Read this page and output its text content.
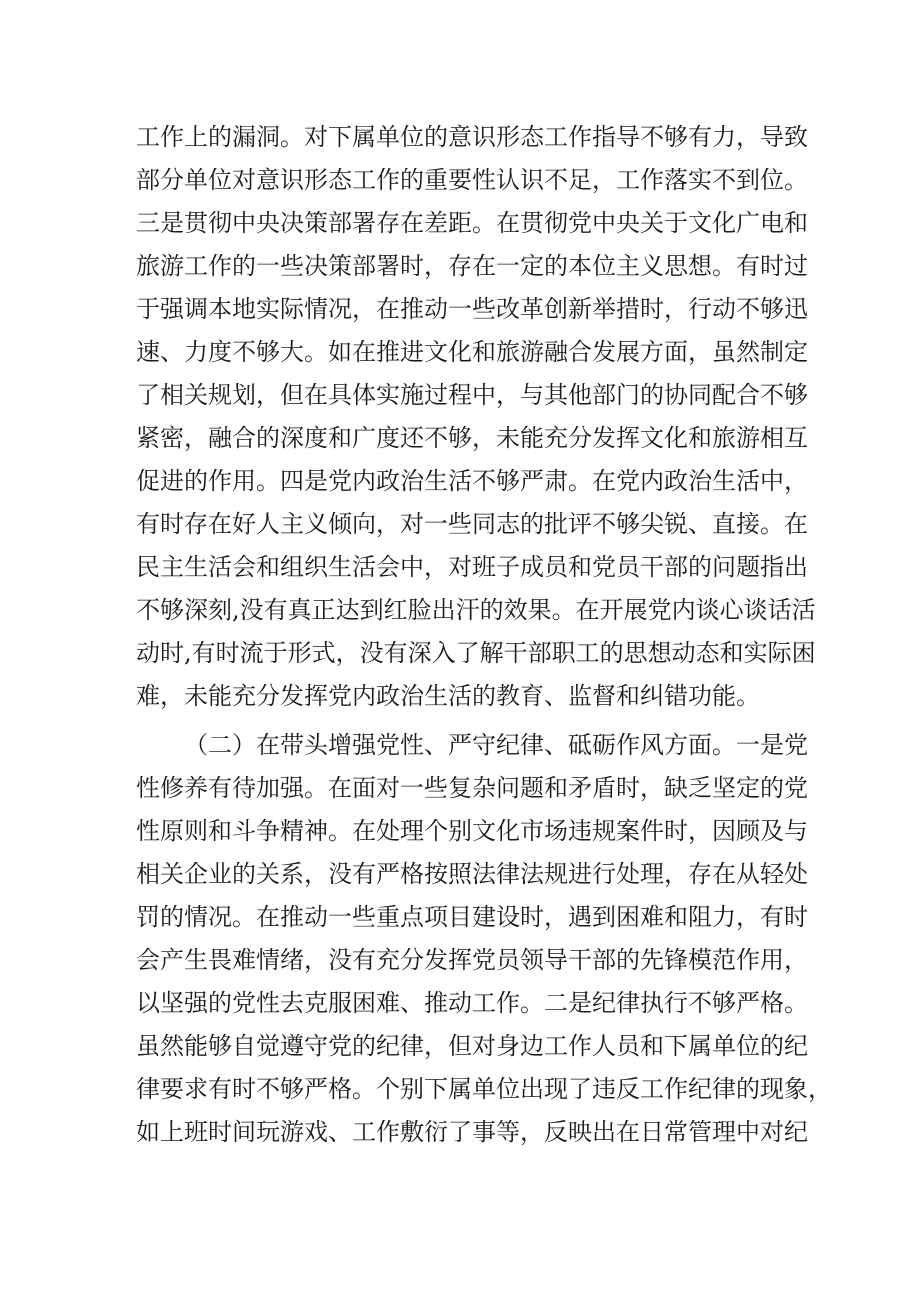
工作上的漏洞。对下属单位的意识形态工作指导不够有力，导致
部分单位对意识形态工作的重要性认识不足，工作落实不到位。
三是贯彻中央决策部署存在差距。在贯彻党中央关于文化广电和
旅游工作的一些决策部署时，存在一定的本位主义思想。有时过
于强调本地实际情况，在推动一些改革创新举措时，行动不够迅
速、力度不够大。如在推进文化和旅游融合发展方面，虽然制定
了相关规划，但在具体实施过程中，与其他部门的协同配合不够
紧密，融合的深度和广度还不够，未能充分发挥文化和旅游相互
促进的作用。四是党内政治生活不够严肃。在党内政治生活中，
有时存在好人主义倾向，对一些同志的批评不够尖锐、直接。在
民主生活会和组织生活会中，对班子成员和党员干部的问题指出
不够深刻,没有真正达到红脸出汗的效果。在开展党内谈心谈话活
动时,有时流于形式，没有深入了解干部职工的思想动态和实际困
难，未能充分发挥党内政治生活的教育、监督和纠错功能。
（二）在带头增强党性、严守纪律、砥砺作风方面。一是党
性修养有待加强。在面对一些复杂问题和矛盾时，缺乏坚定的党
性原则和斗争精神。在处理个别文化市场违规案件时，因顾及与
相关企业的关系，没有严格按照法律法规进行处理，存在从轻处
罚的情况。在推动一些重点项目建设时，遇到困难和阻力，有时
会产生畏难情绪，没有充分发挥党员领导干部的先锋模范作用，
以坚强的党性去克服困难、推动工作。二是纪律执行不够严格。
虽然能够自觉遵守党的纪律，但对身边工作人员和下属单位的纪
律要求有时不够严格。个别下属单位出现了违反工作纪律的现象，
如上班时间玩游戏、工作敷衍了事等，反映出在日常管理中对纪
